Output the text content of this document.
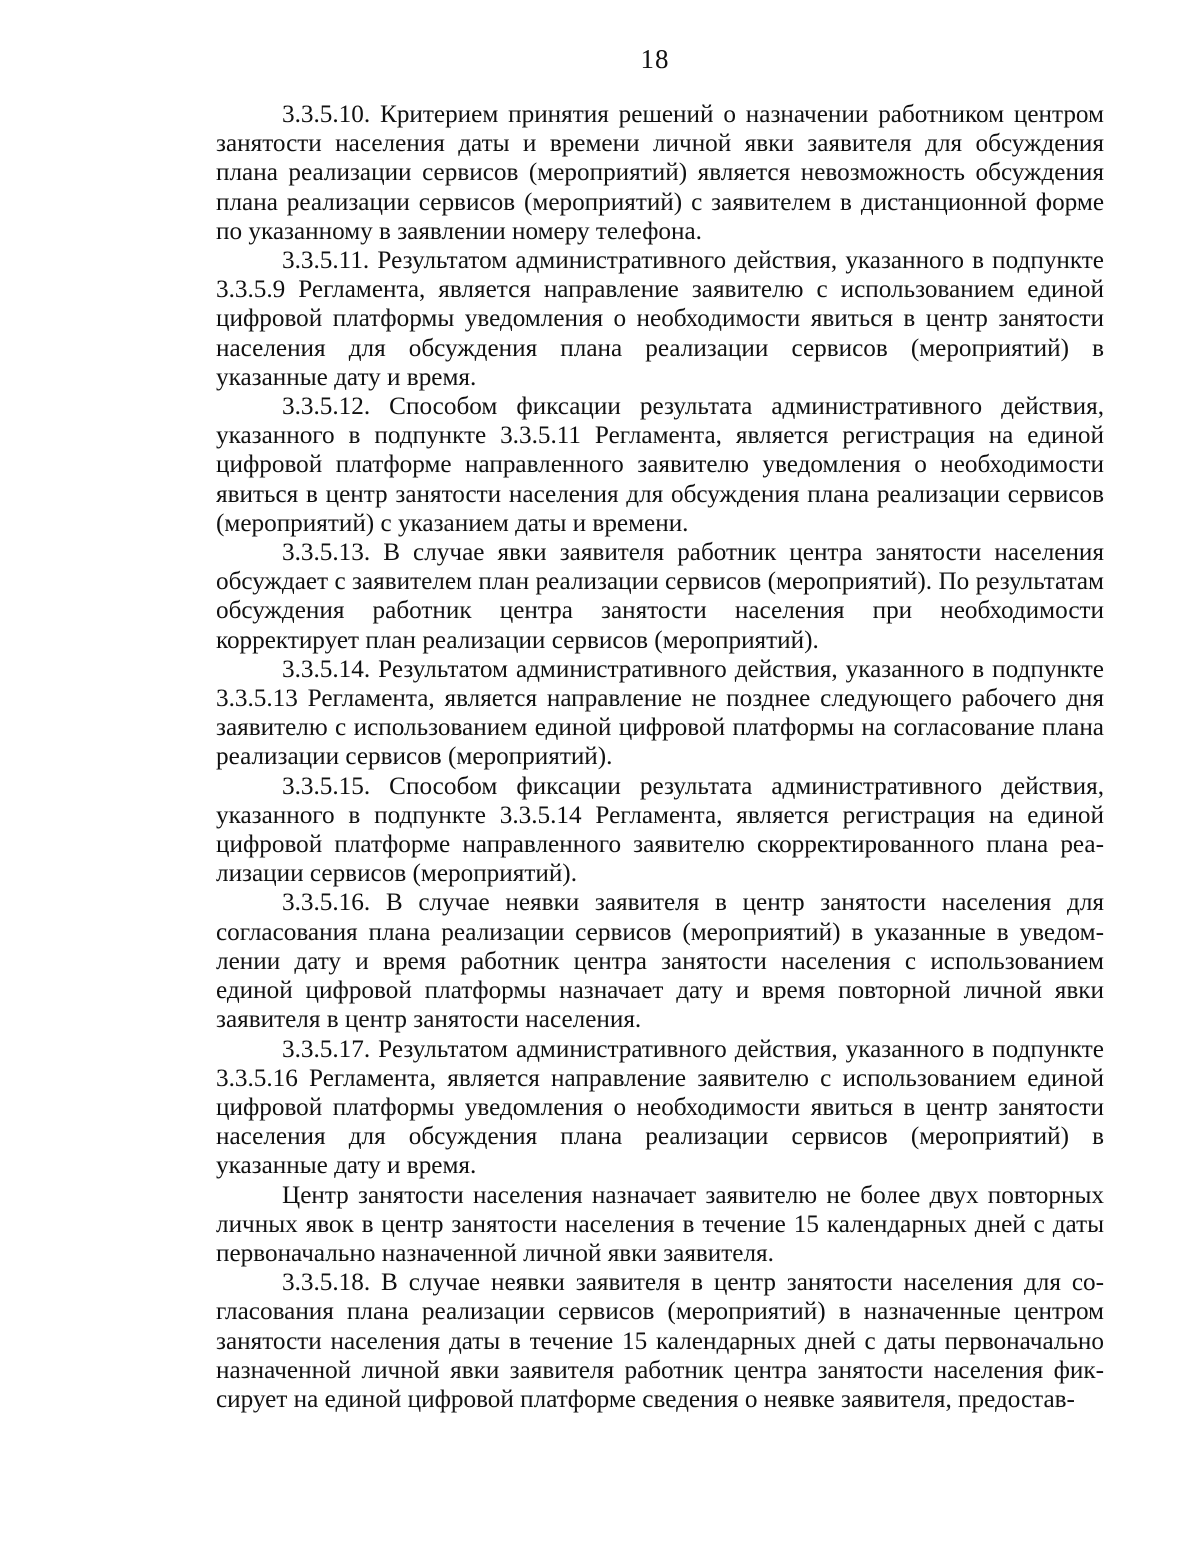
18

3.3.5.10. Критерием принятия решений о назначении работником центром занятости населения даты и времени личной явки заявителя для обсуждения плана реализации сервисов (мероприятий) является невозможность обсуждения плана реализации сервисов (мероприятий) с заявителем в дистанционной форме по указанному в заявлении номеру телефона.

3.3.5.11. Результатом административного действия, указанного в подпункте 3.3.5.9 Регламента, является направление заявителю с использованием единой цифровой платформы уведомления о необходимости явиться в центр занятости населения для обсуждения плана реализации сервисов (мероприятий) в указанные дату и время.

3.3.5.12. Способом фиксации результата административного действия, указанного в подпункте 3.3.5.11 Регламента, является регистрация на единой цифровой платформе направленного заявителю уведомления о необходимости явиться в центр занятости населения для обсуждения плана реализации сервисов (мероприятий) с указанием даты и времени.

3.3.5.13. В случае явки заявителя работник центра занятости населения обсуждает с заявителем план реализации сервисов (мероприятий). По результатам обсуждения работник центра занятости населения при необходимости корректирует план реализации сервисов (мероприятий).

3.3.5.14. Результатом административного действия, указанного в подпункте 3.3.5.13 Регламента, является направление не позднее следующего рабочего дня заявителю с использованием единой цифровой платформы на согласование плана реализации сервисов (мероприятий).

3.3.5.15. Способом фиксации результата административного действия, указанного в подпункте 3.3.5.14 Регламента, является регистрация на единой цифровой платформе направленного заявителю скорректированного плана реализации сервисов (мероприятий).

3.3.5.16. В случае неявки заявителя в центр занятости населения для согласования плана реализации сервисов (мероприятий) в указанные в уведомлении дату и время работник центра занятости населения с использованием единой цифровой платформы назначает дату и время повторной личной явки заявителя в центр занятости населения.

3.3.5.17. Результатом административного действия, указанного в подпункте 3.3.5.16 Регламента, является направление заявителю с использованием единой цифровой платформы уведомления о необходимости явиться в центр занятости населения для обсуждения плана реализации сервисов (мероприятий) в указанные дату и время.

Центр занятости населения назначает заявителю не более двух повторных личных явок в центр занятости населения в течение 15 календарных дней с даты первоначально назначенной личной явки заявителя.

3.3.5.18. В случае неявки заявителя в центр занятости населения для согласования плана реализации сервисов (мероприятий) в назначенные центром занятости населения даты в течение 15 календарных дней с даты первоначально назначенной личной явки заявителя работник центра занятости населения фиксирует на единой цифровой платформе сведения о неявке заявителя, предостав-
